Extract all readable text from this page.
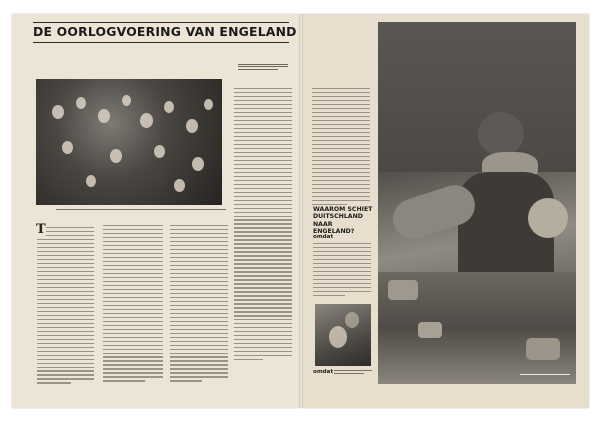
DE OORLOGVOERING VAN ENGELAND
T
WAAROM SCHIET DUITSCHLAND NAAR ENGELAND?
omdat
omdat
